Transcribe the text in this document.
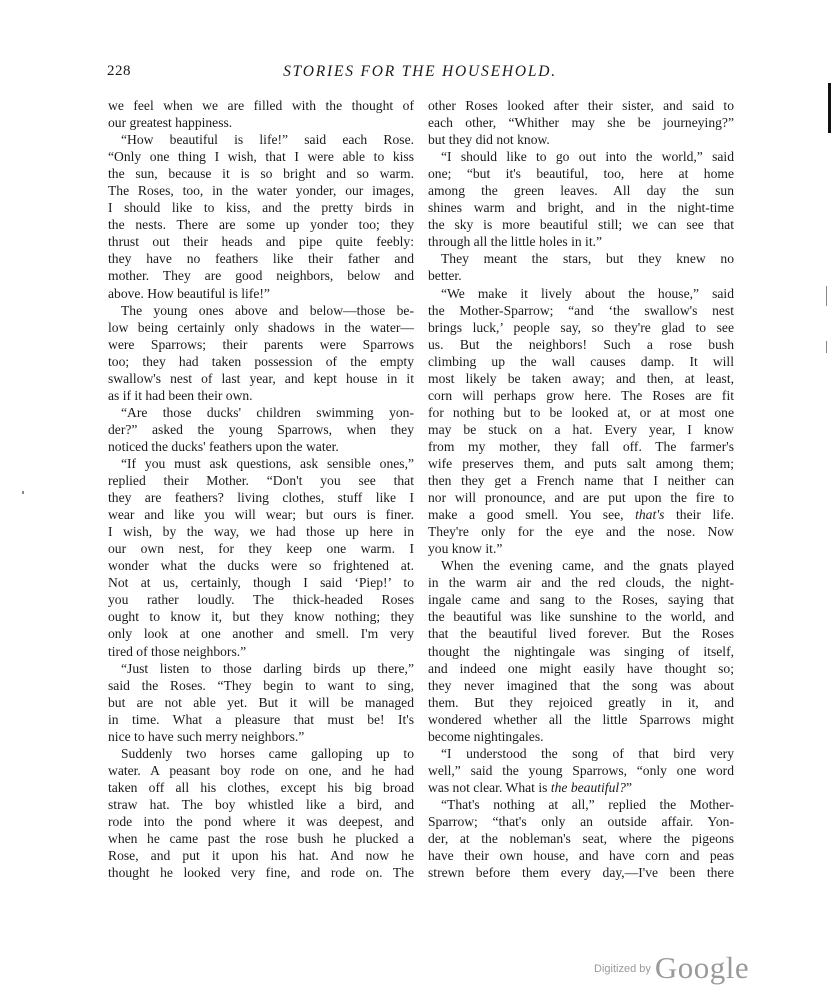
228	STORIES FOR THE HOUSEHOLD.
we feel when we are filled with the thought of
our greatest happiness.
“How beautiful is life!” said each Rose.
“Only one thing I wish, that I were able to kiss
the sun, because it is so bright and so warm.
The Roses, too, in the water yonder, our images,
I should like to kiss, and the pretty birds in
the nests. There are some up yonder too; they
thrust out their heads and pipe quite feebly:
they have no feathers like their father and
mother. They are good neighbors, below and
above. How beautiful is life!”
The young ones above and below—those be-
low being certainly only shadows in the water—
were Sparrows; their parents were Sparrows
too; they had taken possession of the empty
swallow's nest of last year, and kept house in it
as if it had been their own.
“Are those ducks' children swimming yon-
der?” asked the young Sparrows, when they
noticed the ducks' feathers upon the water.
“If you must ask questions, ask sensible ones,”
replied their Mother. “Don't you see that
they are feathers? living clothes, stuff like I
wear and like you will wear; but ours is finer.
I wish, by the way, we had those up here in
our own nest, for they keep one warm. I
wonder what the ducks were so frightened at.
Not at us, certainly, though I said ‘Piep!’ to
you rather loudly. The thick-headed Roses
ought to know it, but they know nothing; they
only look at one another and smell. I'm very
tired of those neighbors.”
“Just listen to those darling birds up there,”
said the Roses. “They begin to want to sing,
but are not able yet. But it will be managed
in time. What a pleasure that must be! It's
nice to have such merry neighbors.”
Suddenly two horses came galloping up to
water. A peasant boy rode on one, and he had
taken off all his clothes, except his big broad
straw hat. The boy whistled like a bird, and
rode into the pond where it was deepest, and
when he came past the rose bush he plucked a
Rose, and put it upon his hat. And now he
thought he looked very fine, and rode on. The
other Roses looked after their sister, and said to
each other, “Whither may she be journeying?”
but they did not know.
“I should like to go out into the world,” said
one; “but it's beautiful, too, here at home
among the green leaves. All day the sun
shines warm and bright, and in the night-time
the sky is more beautiful still; we can see that
through all the little holes in it.”
They meant the stars, but they knew no
better.
“We make it lively about the house,” said
the Mother-Sparrow; “and ‘the swallow's nest
brings luck,’ people say, so they're glad to see
us. But the neighbors! Such a rose bush
climbing up the wall causes damp. It will
most likely be taken away; and then, at least,
corn will perhaps grow here. The Roses are fit
for nothing but to be looked at, or at most one
may be stuck on a hat. Every year, I know
from my mother, they fall off. The farmer's
wife preserves them, and puts salt among them;
then they get a French name that I neither can
nor will pronounce, and are put upon the fire to
make a good smell. You see, that's their life.
They're only for the eye and the nose. Now
you know it.”
When the evening came, and the gnats played
in the warm air and the red clouds, the night-
ingale came and sang to the Roses, saying that
the beautiful was like sunshine to the world, and
that the beautiful lived forever. But the Roses
thought the nightingale was singing of itself,
and indeed one might easily have thought so;
they never imagined that the song was about
them. But they rejoiced greatly in it, and
wondered whether all the little Sparrows might
become nightingales.
“I understood the song of that bird very
well,” said the young Sparrows, “only one word
was not clear. What is the beautiful?”
“That's nothing at all,” replied the Mother-
Sparrow; “that's only an outside affair. Yon-
der, at the nobleman's seat, where the pigeons
have their own house, and have corn and peas
strewn before them every day,—I've been there
$^{Digitized by}$ Google
